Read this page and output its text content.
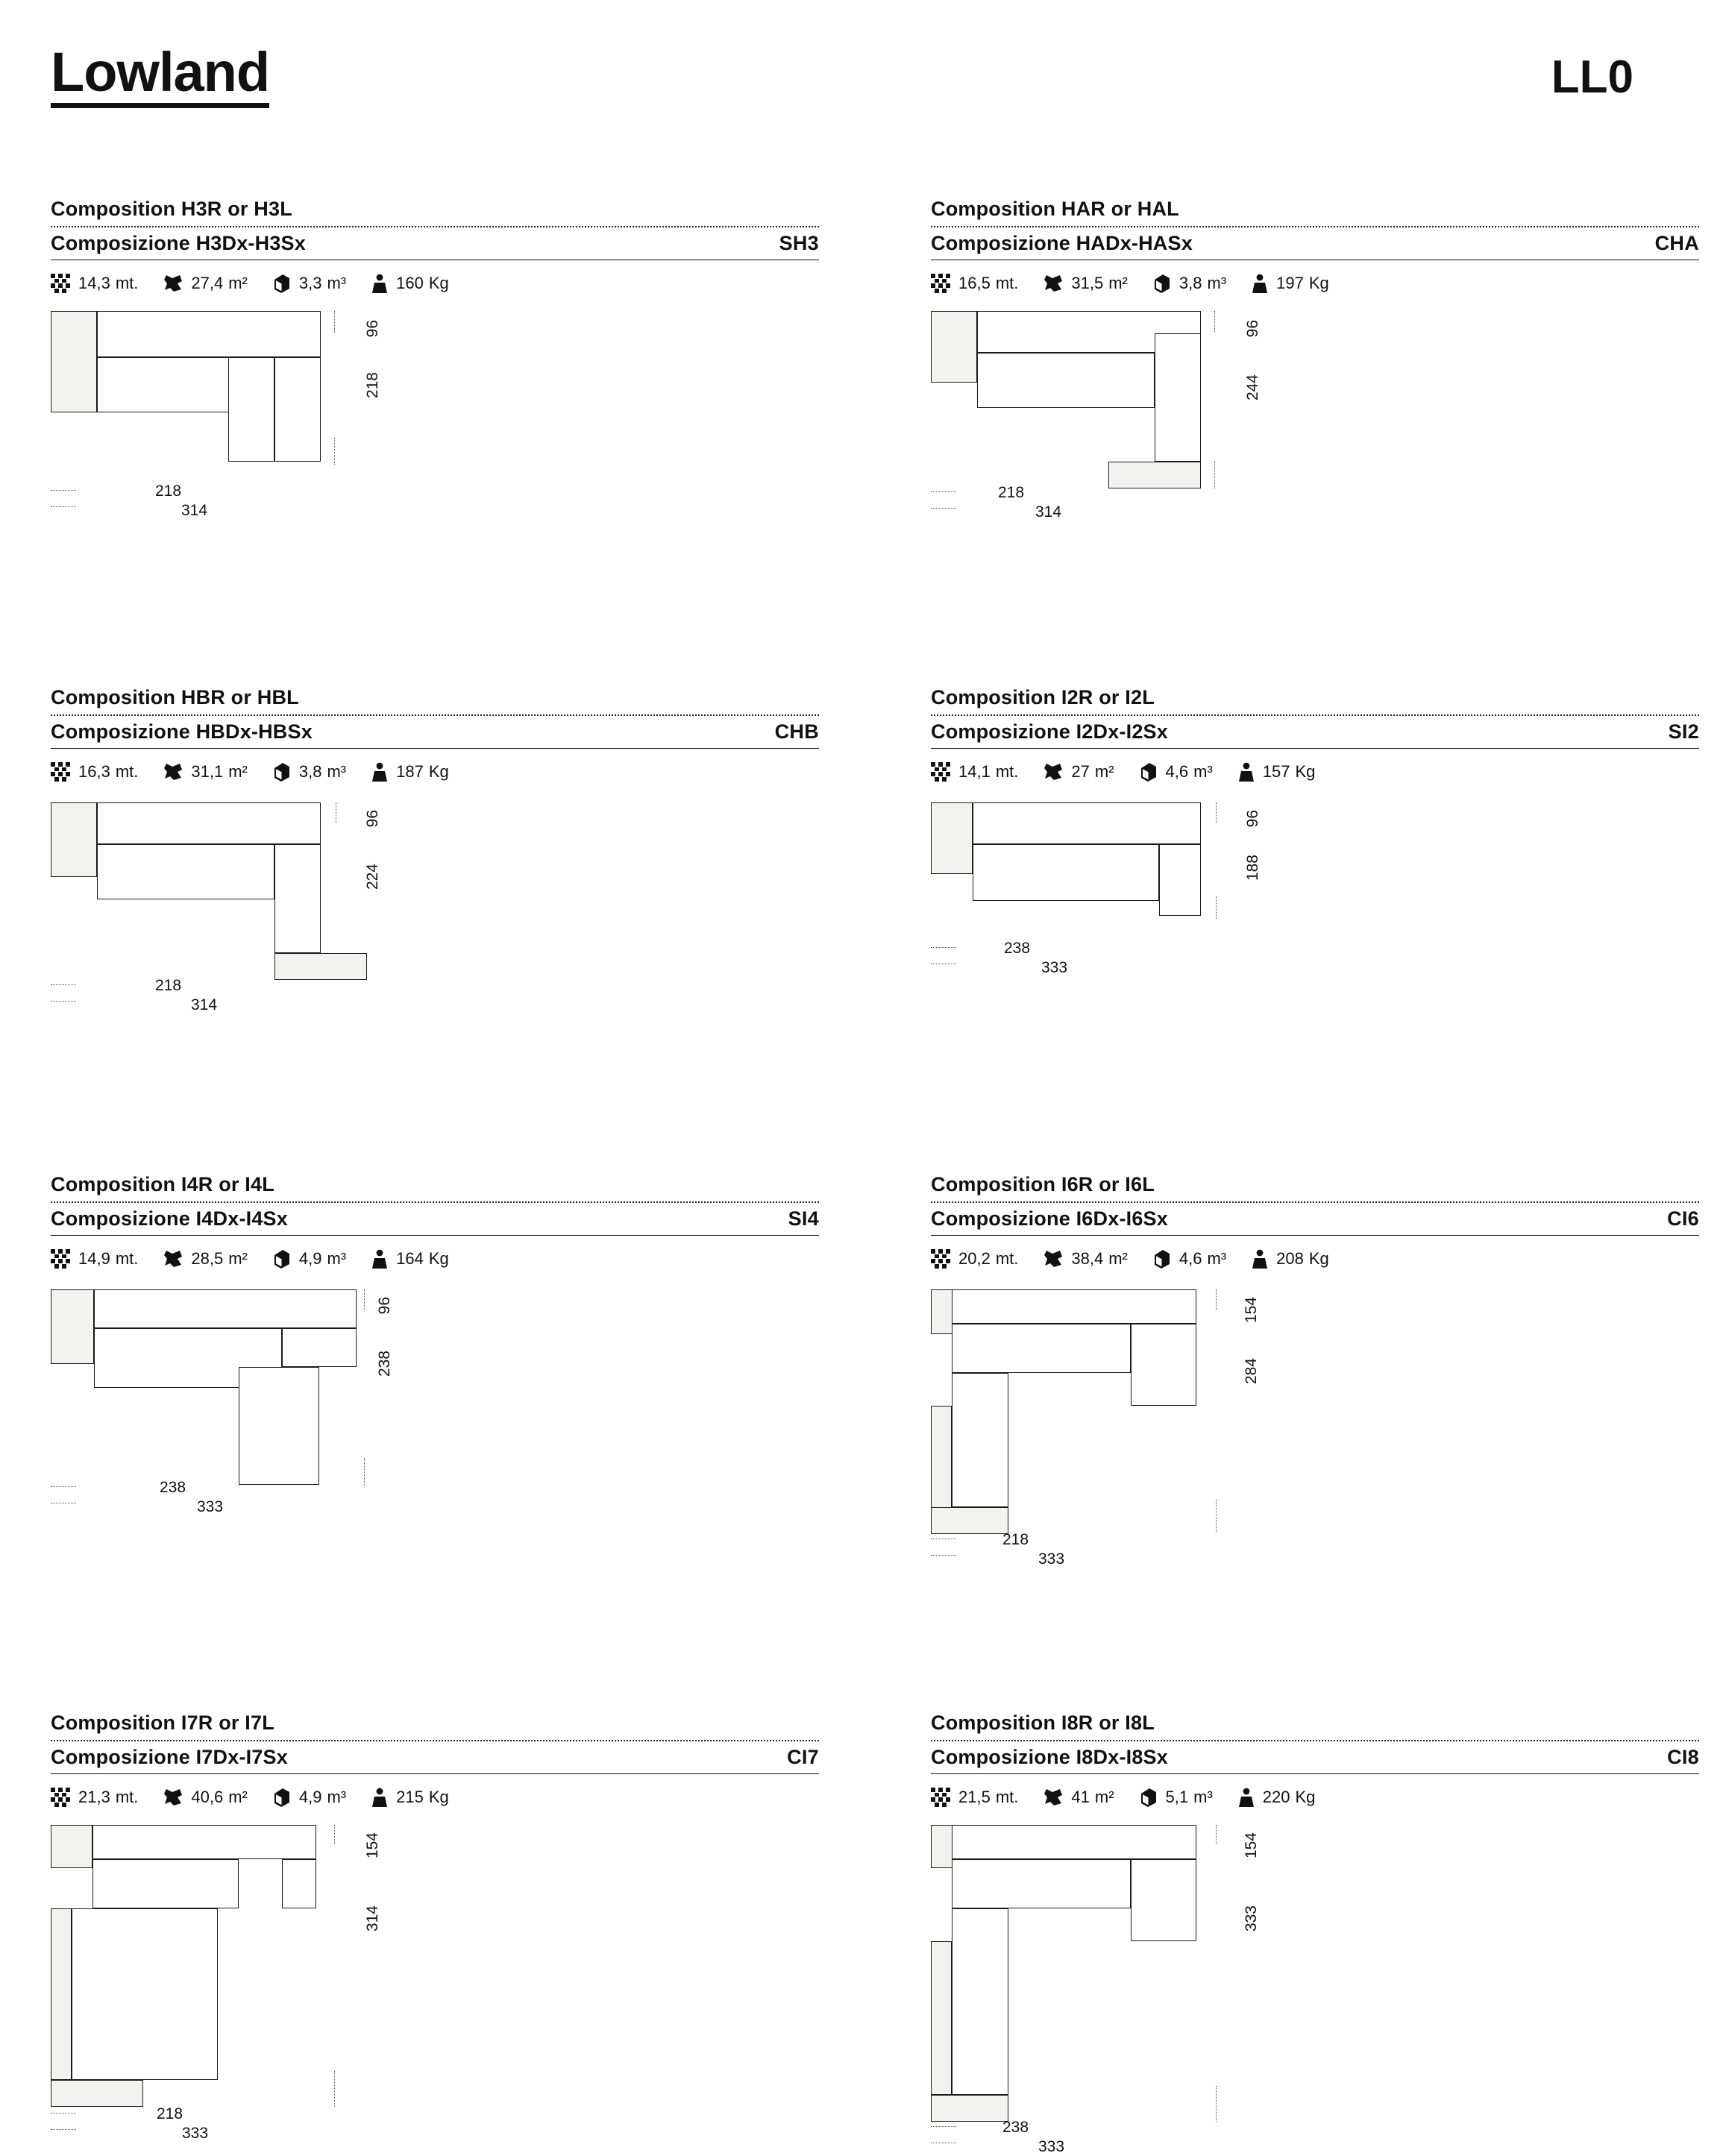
Lowland	LL0
Composition H3R or H3L
Composizione H3Dx-H3Sx	SH3
14,3 mt.	27,4 m²	3,3 m³	160 Kg
96
218
218
314
Composition HAR or HAL
Composizione HADx-HASx	CHA
16,5 mt.	31,5 m²	3,8 m³	197 Kg
96
244
218
314
Composition HBR or HBL
Composizione HBDx-HBSx	CHB
16,3 mt.	31,1 m²	3,8 m³	187 Kg
96
224
218
314
Composition I2R or I2L
Composizione I2Dx-I2Sx	SI2
14,1 mt.	27 m²	4,6 m³	157 Kg
96
188
238
333
Composition I4R or I4L
Composizione I4Dx-I4Sx	SI4
14,9 mt.	28,5 m²	4,9 m³	164 Kg
96
238
238
333
Composition I6R or I6L
Composizione I6Dx-I6Sx	CI6
20,2 mt.	38,4 m²	4,6 m³	208 Kg
154
284
218
333
Composition I7R or I7L
Composizione I7Dx-I7Sx	CI7
21,3 mt.	40,6 m²	4,9 m³	215 Kg
154
314
218
333
Composition I8R or I8L
Composizione I8Dx-I8Sx	CI8
21,5 mt.	41 m²	5,1 m³	220 Kg
154
333
238
333
